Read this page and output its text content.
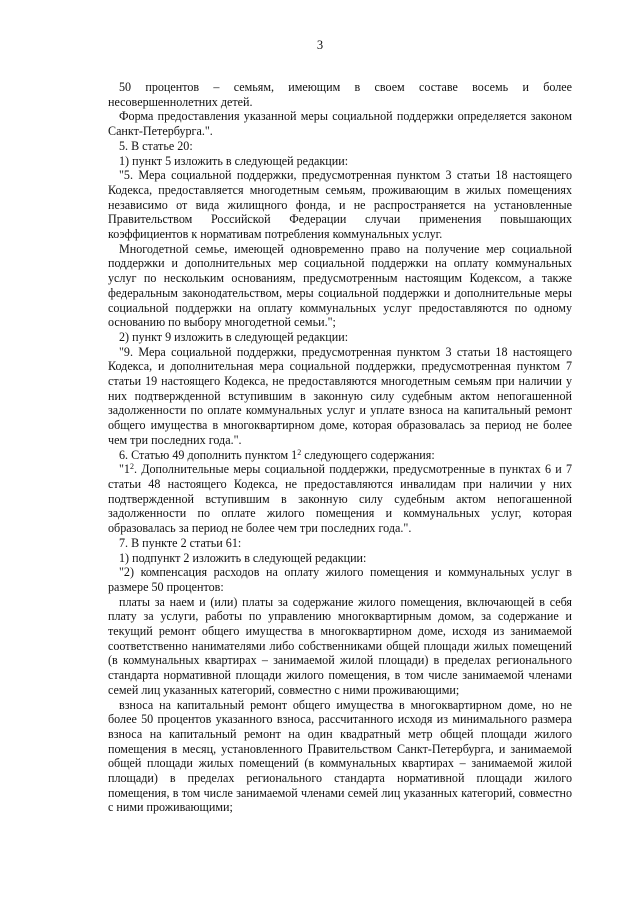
3

50 процентов – семьям, имеющим в своем составе восемь и более несовершеннолетних детей.

Форма предоставления указанной меры социальной поддержки определяется законом Санкт-Петербурга.".

5. В статье 20:

1) пункт 5 изложить в следующей редакции:

"5. Мера социальной поддержки, предусмотренная пунктом 3 статьи 18 настоящего Кодекса, предоставляется многодетным семьям, проживающим в жилых помещениях независимо от вида жилищного фонда, и не распространяется на установленные Правительством Российской Федерации случаи применения повышающих коэффициентов к нормативам потребления коммунальных услуг.

Многодетной семье, имеющей одновременно право на получение мер социальной поддержки и дополнительных мер социальной поддержки на оплату коммунальных услуг по нескольким основаниям, предусмотренным настоящим Кодексом, а также федеральным законодательством, меры социальной поддержки и дополнительные меры социальной поддержки на оплату коммунальных услуг предоставляются по одному основанию по выбору многодетной семьи.";

2) пункт 9 изложить в следующей редакции:

"9. Мера социальной поддержки, предусмотренная пунктом 3 статьи 18 настоящего Кодекса, и дополнительная мера социальной поддержки, предусмотренная пунктом 7 статьи 19 настоящего Кодекса, не предоставляются многодетным семьям при наличии у них подтвержденной вступившим в законную силу судебным актом непогашенной задолженности по оплате коммунальных услуг и уплате взноса на капитальный ремонт общего имущества в многоквартирном доме, которая образовалась за период не более чем три последних года.".

6. Статью 49 дополнить пунктом $1^2$ следующего содержания:

"$1^2$. Дополнительные меры социальной поддержки, предусмотренные в пунктах 6 и 7 статьи 48 настоящего Кодекса, не предоставляются инвалидам при наличии у них подтвержденной вступившим в законную силу судебным актом непогашенной задолженности по оплате жилого помещения и коммунальных услуг, которая образовалась за период не более чем три последних года.".

7. В пункте 2 статьи 61:

1) подпункт 2 изложить в следующей редакции:

"2) компенсация расходов на оплату жилого помещения и коммунальных услуг в размере 50 процентов:

платы за наем и (или) платы за содержание жилого помещения, включающей в себя плату за услуги, работы по управлению многоквартирным домом, за содержание и текущий ремонт общего имущества в многоквартирном доме, исходя из занимаемой соответственно нанимателями либо собственниками общей площади жилых помещений (в коммунальных квартирах – занимаемой жилой площади) в пределах регионального стандарта нормативной площади жилого помещения, в том числе занимаемой членами семей лиц указанных категорий, совместно с ними проживающими;

взноса на капитальный ремонт общего имущества в многоквартирном доме, но не более 50 процентов указанного взноса, рассчитанного исходя из минимального размера взноса на капитальный ремонт на один квадратный метр общей площади жилого помещения в месяц, установленного Правительством Санкт-Петербурга, и занимаемой общей площади жилых помещений (в коммунальных квартирах – занимаемой жилой площади) в пределах регионального стандарта нормативной площади жилого помещения, в том числе занимаемой членами семей лиц указанных категорий, совместно с ними проживающими;
